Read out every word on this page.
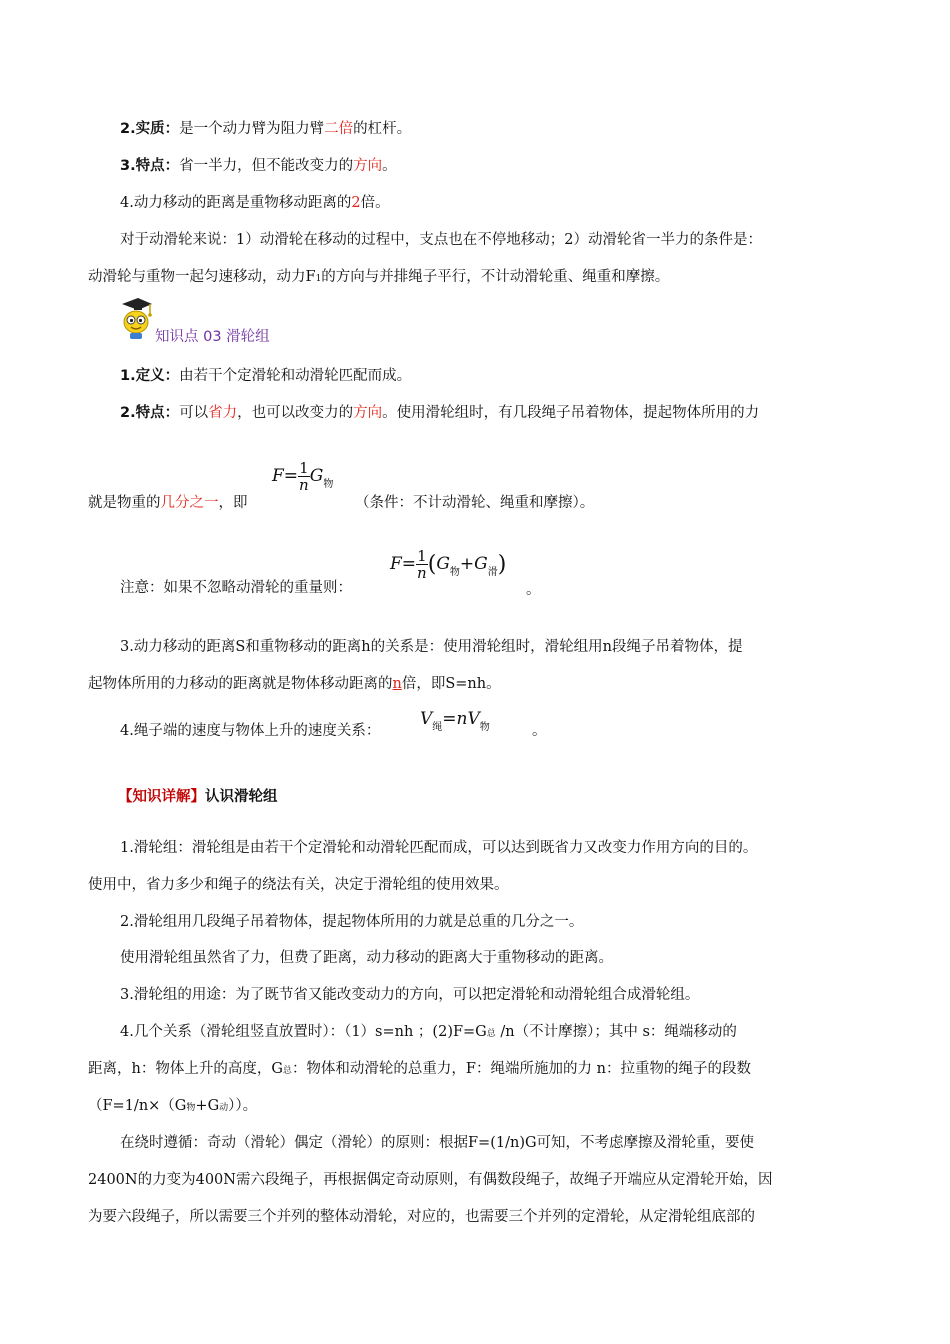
2.实质：是一个动力臂为阻力臂二倍的杠杆。
3.特点：省一半力，但不能改变力的方向。
4.动力移动的距离是重物移动距离的2倍。
对于动滑轮来说：1）动滑轮在移动的过程中，支点也在不停地移动；2）动滑轮省一半力的条件是：
动滑轮与重物一起匀速移动，动力F1的方向与并排绳子平行，不计动滑轮重、绳重和摩擦。
知识点 03 滑轮组
1.定义：由若干个定滑轮和动滑轮匹配而成。
2.特点：可以省力，也可以改变力的方向。使用滑轮组时，有几段绳子吊着物体，提起物体所用的力
$F= \frac{1}{n} G_物$
就是物重的几分之一，即	（条件：不计动滑轮、绳重和摩擦）。
注意：如果不忽略动滑轮的重量则：
$F= \frac{1}{n} (G_物+G_滑)$
。
3.动力移动的距离S和重物移动的距离h的关系是：使用滑轮组时，滑轮组用n段绳子吊着物体，提
起物体所用的力移动的距离就是物体移动距离的n倍，即S=nh。
4.绳子端的速度与物体上升的速度关系：
$V_绳=nV_物$	。
【知识详解】认识滑轮组
1.滑轮组：滑轮组是由若干个定滑轮和动滑轮匹配而成，可以达到既省力又改变力作用方向的目的。
使用中，省力多少和绳子的绕法有关，决定于滑轮组的使用效果。
2.滑轮组用几段绳子吊着物体，提起物体所用的力就是总重的几分之一。
使用滑轮组虽然省了力，但费了距离，动力移动的距离大于重物移动的距离。
3.滑轮组的用途：为了既节省又能改变动力的方向，可以把定滑轮和动滑轮组合成滑轮组。
4.几个关系（滑轮组竖直放置时）：（1）s=nh ；(2)F=G总 /n（不计摩擦）；其中 s：绳端移动的
距离，h：物体上升的高度，G总：物体和动滑轮的总重力，F：绳端所施加的力 n：拉重物的绳子的段数
（F=1/n×（G物+G动））。
在绕时遵循：奇动（滑轮）偶定（滑轮）的原则：根据F=(1/n)G可知，不考虑摩擦及滑轮重，要使
2400N的力变为400N需六段绳子，再根据偶定奇动原则，有偶数段绳子，故绳子开端应从定滑轮开始，因
为要六段绳子，所以需要三个并列的整体动滑轮，对应的，也需要三个并列的定滑轮，从定滑轮组底部的
